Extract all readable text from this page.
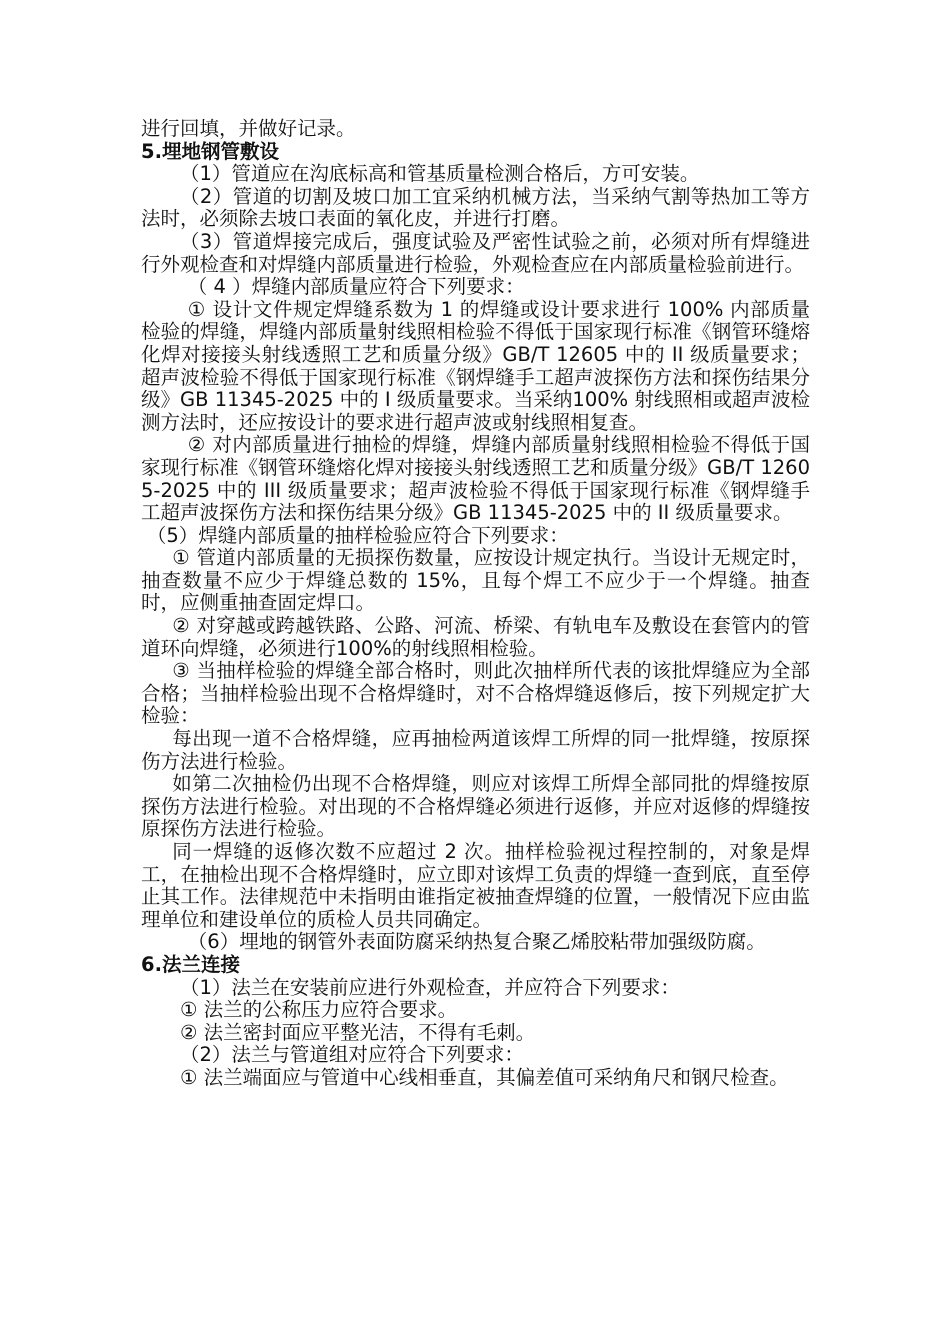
进行回填，并做好记录。

5.埋地钢管敷设

（1）管道应在沟底标高和管基质量检测合格后，方可安装。

（2）管道的切割及坡口加工宜采纳机械方法，当采纳气割等热加工等方法时，必须除去坡口表面的氧化皮，并进行打磨。

（3）管道焊接完成后，强度试验及严密性试验之前，必须对所有焊缝进行外观检查和对焊缝内部质量进行检验，外观检查应在内部质量检验前进行。

（ 4 ）焊缝内部质量应符合下列要求：

① 设计文件规定焊缝系数为 1 的焊缝或设计要求进行 100% 内部质量检验的焊缝，焊缝内部质量射线照相检验不得低于国家现行标准《钢管环缝熔化焊对接接头射线透照工艺和质量分级》GB/T 12605 中的 II 级质量要求；超声波检验不得低于国家现行标准《钢焊缝手工超声波探伤方法和探伤结果分级》GB 11345-2025 中的 I 级质量要求。当采纳100% 射线照相或超声波检测方法时，还应按设计的要求进行超声波或射线照相复查。

② 对内部质量进行抽检的焊缝，焊缝内部质量射线照相检验不得低于国家现行标准《钢管环缝熔化焊对接接头射线透照工艺和质量分级》GB/T 12605-2025 中的 III 级质量要求；超声波检验不得低于国家现行标准《钢焊缝手工超声波探伤方法和探伤结果分级》GB 11345-2025 中的 II 级质量要求。

（5）焊缝内部质量的抽样检验应符合下列要求：

① 管道内部质量的无损探伤数量，应按设计规定执行。当设计无规定时，抽查数量不应少于焊缝总数的 15%，且每个焊工不应少于一个焊缝。抽查时，应侧重抽查固定焊口。

② 对穿越或跨越铁路、公路、河流、桥梁、有轨电车及敷设在套管内的管道环向焊缝，必须进行100%的射线照相检验。

③ 当抽样检验的焊缝全部合格时，则此次抽样所代表的该批焊缝应为全部合格；当抽样检验出现不合格焊缝时，对不合格焊缝返修后，按下列规定扩大检验：

每出现一道不合格焊缝，应再抽检两道该焊工所焊的同一批焊缝，按原探伤方法进行检验。

如第二次抽检仍出现不合格焊缝，则应对该焊工所焊全部同批的焊缝按原探伤方法进行检验。对出现的不合格焊缝必须进行返修，并应对返修的焊缝按原探伤方法进行检验。

同一焊缝的返修次数不应超过 2 次。抽样检验视过程控制的，对象是焊工，在抽检出现不合格焊缝时，应立即对该焊工负责的焊缝一查到底，直至停止其工作。法律规范中未指明由谁指定被抽查焊缝的位置，一般情况下应由监理单位和建设单位的质检人员共同确定。

（6）埋地的钢管外表面防腐采纳热复合聚乙烯胶粘带加强级防腐。

6.法兰连接

（1）法兰在安装前应进行外观检查，并应符合下列要求：

① 法兰的公称压力应符合要求。

② 法兰密封面应平整光洁，不得有毛刺。

（2）法兰与管道组对应符合下列要求：

① 法兰端面应与管道中心线相垂直，其偏差值可采纳角尺和钢尺检查。
